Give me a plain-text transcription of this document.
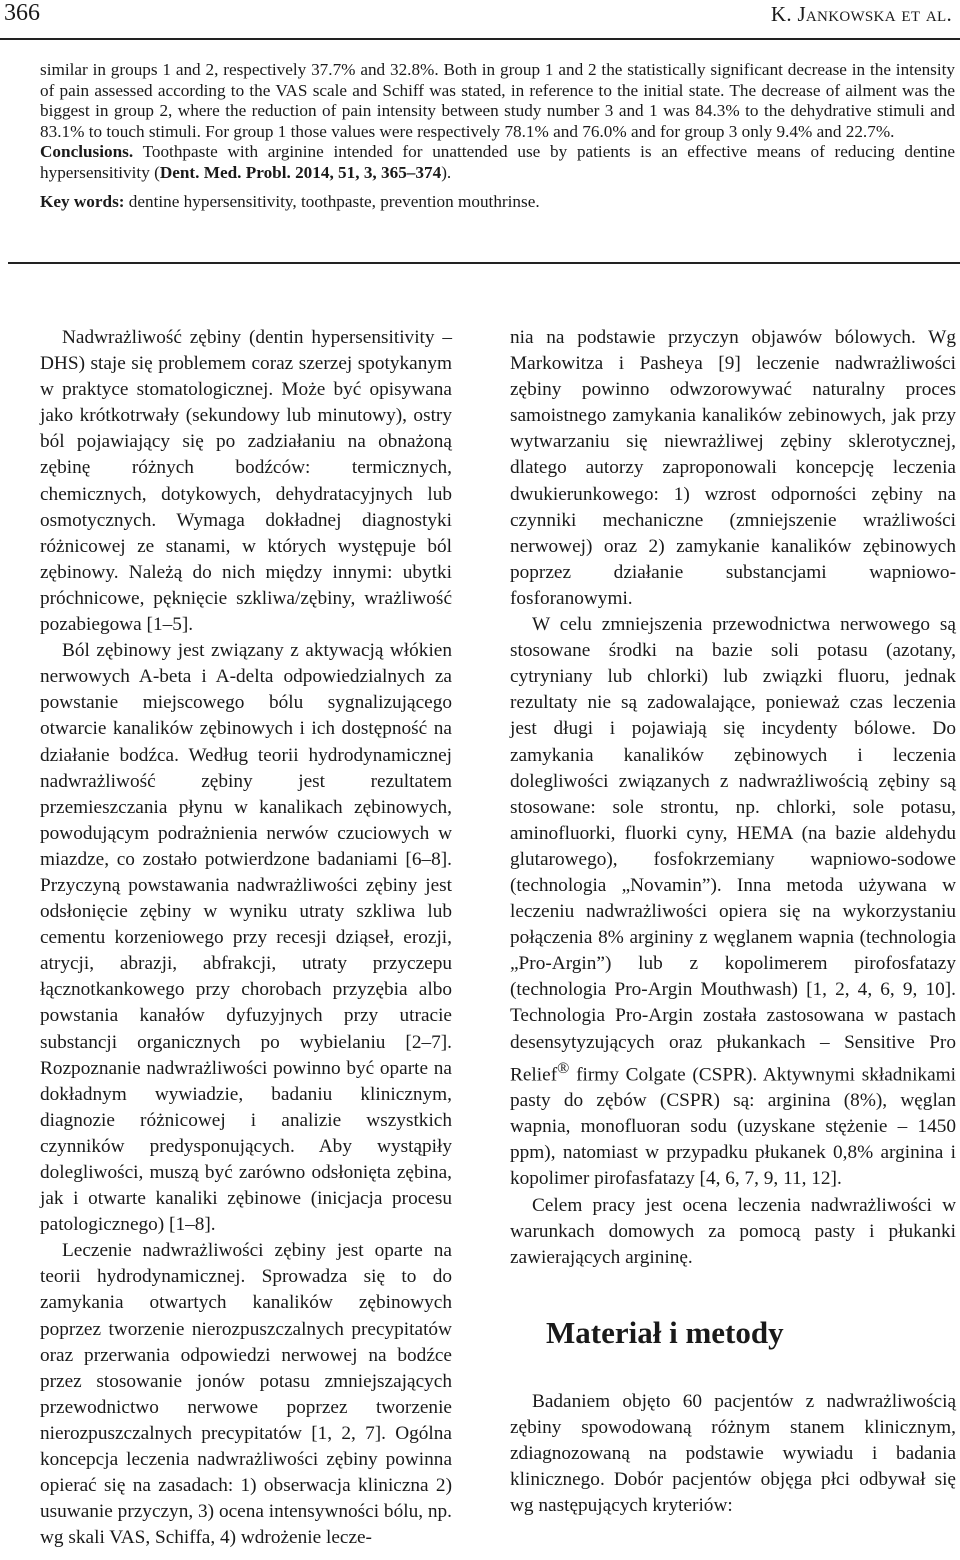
366	K. Jankowska et al.

similar in groups 1 and 2, respectively 37.7% and 32.8%. Both in group 1 and 2 the statistically significant decrease in the intensity of pain assessed according to the VAS scale and Schiff was stated, in reference to the initial state. The decrease of ailment was the biggest in group 2, where the reduction of pain intensity between study number 3 and 1 was 84.3% to the dehydrative stimuli and 83.1% to touch stimuli. For group 1 those values were respectively 78.1% and 76.0% and for group 3 only 9.4% and 22.7%.
Conclusions. Toothpaste with arginine intended for unattended use by patients is an effective means of reducing dentine hypersensitivity (Dent. Med. Probl. 2014, 51, 3, 365–374).

Key words: dentine hypersensitivity, toothpaste, prevention mouthrinse.

Nadwrażliwość zębiny (dentin hypersensitivity – DHS) staje się problemem coraz szerzej spotykanym w praktyce stomatologicznej. Może być opisywana jako krótkotrwały (sekundowy lub minutowy), ostry ból pojawiający się po zadziałaniu na obnażoną zębinę różnych bodźców: termicznych, chemicznych, dotykowych, dehydratacyjnych lub osmotycznych. Wymaga dokładnej diagnostyki różnicowej ze stanami, w których występuje ból zębinowy. Należą do nich między innymi: ubytki próchnicowe, pęknięcie szkliwa/zębiny, wrażliwość pozabiegowa [1–5].

Ból zębinowy jest związany z aktywacją włókien nerwowych A-beta i A-delta odpowiedzialnych za powstanie miejscowego bólu sygnalizującego otwarcie kanalików zębinowych i ich dostępność na działanie bodźca. Według teorii hydrodynamicznej nadwrażliwość zębiny jest rezultatem przemieszczania płynu w kanalikach zębinowych, powodującym podrażnienia nerwów czuciowych w miazdze, co zostało potwierdzone badaniami [6–8]. Przyczyną powstawania nadwrażliwości zębiny jest odsłonięcie zębiny w wyniku utraty szkliwa lub cementu korzeniowego przy recesji dziąseł, erozji, atrycji, abrazji, abfrakcji, utraty przyczepu łącznotkankowego przy chorobach przyzębia albo powstania kanałów dyfuzyjnych przy utracie substancji organicznych po wybielaniu [2–7]. Rozpoznanie nadwrażliwości powinno być oparte na dokładnym wywiadzie, badaniu klinicznym, diagnozie różnicowej i analizie wszystkich czynników predysponujących. Aby wystąpiły dolegliwości, muszą być zarówno odsłonięta zębina, jak i otwarte kanaliki zębinowe (inicjacja procesu patologicznego) [1–8].

Leczenie nadwrażliwości zębiny jest oparte na teorii hydrodynamicznej. Sprowadza się to do zamykania otwartych kanalików zębinowych poprzez tworzenie nierozpuszczalnych precypitatów oraz przerwania odpowiedzi nerwowej na bodźce przez stosowanie jonów potasu zmniejszających przewodnictwo nerwowe poprzez tworzenie nierozpuszczalnych precypitatów [1, 2, 7]. Ogólna koncepcja leczenia nadwrażliwości zębiny powinna opierać się na zasadach: 1) obserwacja kliniczna 2) usuwanie przyczyn, 3) ocena intensywności bólu, np. wg skali VAS, Schiffa, 4) wdrożenie lecze-

nia na podstawie przyczyn objawów bólowych. Wg Markowitza i Pasheya [9] leczenie nadwrażliwości zębiny powinno odwzorowywać naturalny proces samoistnego zamykania kanalików zebinowych, jak przy wytwarzaniu się niewrażliwej zębiny sklerotycznej, dlatego autorzy zaproponowali koncepcję leczenia dwukierunkowego: 1) wzrost odporności zębiny na czynniki mechaniczne (zmniejszenie wrażliwości nerwowej) oraz 2) zamykanie kanalików zębinowych poprzez działanie substancjami wapniowo-fosforanowymi.

W celu zmniejszenia przewodnictwa nerwowego są stosowane środki na bazie soli potasu (azotany, cytryniany lub chlorki) lub związki fluoru, jednak rezultaty nie są zadowalające, ponieważ czas leczenia jest długi i pojawiają się incydenty bólowe. Do zamykania kanalików zębinowych i leczenia dolegliwości związanych z nadwrażliwością zębiny są stosowane: sole strontu, np. chlorki, sole potasu, aminofluorki, fluorki cyny, HEMA (na bazie aldehydu glutarowego), fosfokrzemiany wapniowo-sodowe (technologia „Novamin”). Inna metoda używana w leczeniu nadwrażliwości opiera się na wykorzystaniu połączenia 8% argininy z węglanem wapnia (technologia „Pro-Argin”) lub z kopolimerem pirofosfatazy (technologia Pro-Argin Mouthwash) [1, 2, 4, 6, 9, 10]. Technologia Pro-Argin została zastosowana w pastach desensytyzujących oraz płukankach – Sensitive Pro Relief® firmy Colgate (CSPR). Aktywnymi składnikami pasty do zębów (CSPR) są: arginina (8%), węglan wapnia, monofluoran sodu (uzyskane stężenie – 1450 ppm), natomiast w przypadku płukanek 0,8% arginina i kopolimer pirofasfatazy [4, 6, 7, 9, 11, 12].

Celem pracy jest ocena leczenia nadwrażliwości w warunkach domowych za pomocą pasty i płukanki zawierających argininę.

Materiał i metody

Badaniem objęto 60 pacjentów z nadwrażliwością zębiny spowodowaną różnym stanem klinicznym, zdiagnozowaną na podstawie wywiadu i badania klinicznego. Dobór pacjentów objęga płci odbywał się wg następujących kryteriów:
